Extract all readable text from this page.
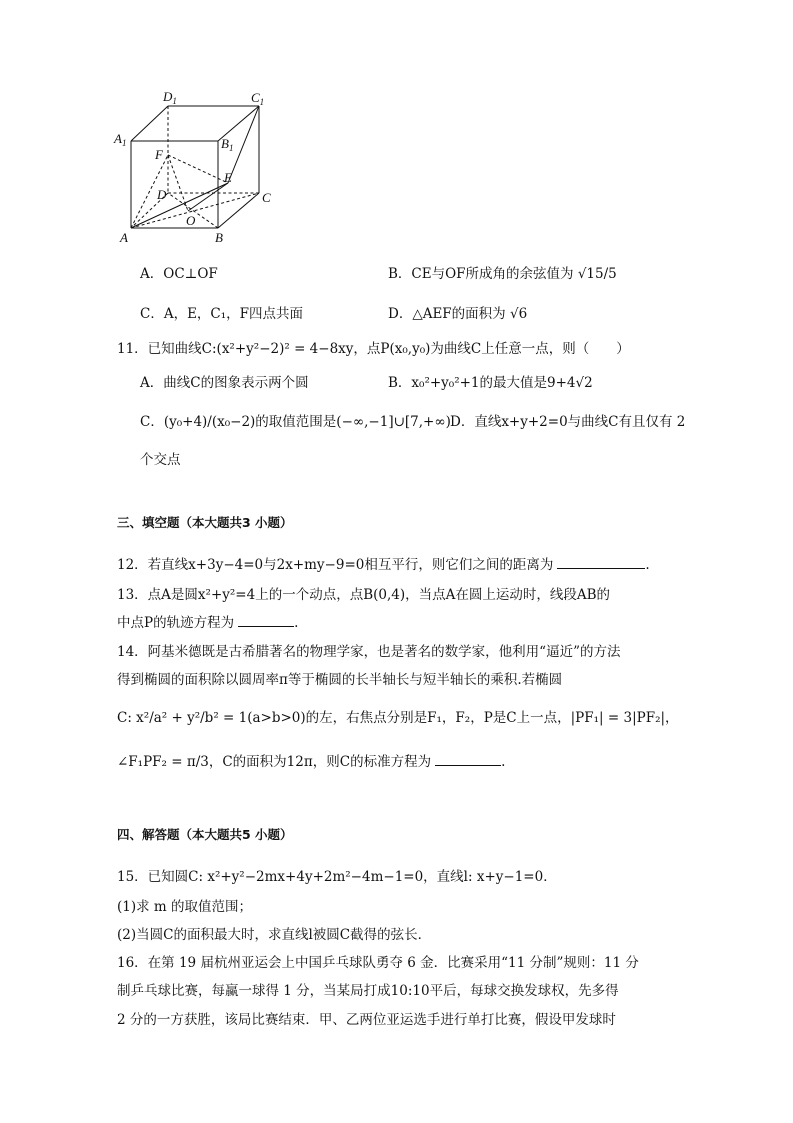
$D_1$	$C_1$
$A_1$	$B_1$
F
E
D	C
O
A	B
A．OC⊥OF	B．CE与OF所成角的余弦值为 √15/5
C．A，E，C₁，F四点共面	D．△AEF的面积为 √6
11．已知曲线C:(x²+y²−2)² = 4−8xy，点P(x₀,y₀)为曲线C上任意一点，则（　　）
A．曲线C的图象表示两个圆	B．x₀²+y₀²+1的最大值是9+4√2
C．(y₀+4)/(x₀−2)的取值范围是(−∞,−1]∪[7,+∞) D．直线x+y+2=0与曲线C有且仅有 2
个交点
三、填空题（本大题共3 小题）
12．若直线x+3y−4=0与2x+my−9=0相互平行，则它们之间的距离为	.
13．点A是圆x²+y²=4上的一个动点，点B(0,4)，当点A在圆上运动时，线段AB的
中点P的轨迹方程为	.
14．阿基米德既是古希腊著名的物理学家，也是著名的数学家，他利用“逼近”的方法
得到椭圆的面积除以圆周率π等于椭圆的长半轴长与短半轴长的乘积.若椭圆
C: x²/a² + y²/b² = 1(a>b>0)的左，右焦点分别是F₁，F₂，P是C上一点，|PF₁| = 3|PF₂|，
∠F₁PF₂ = π/3，C的面积为12π，则C的标准方程为	.
四、解答题（本大题共5 小题）
15．已知圆C: x²+y²−2mx+4y+2m²−4m−1=0，直线l: x+y−1=0．
(1)求 m 的取值范围；
(2)当圆C的面积最大时，求直线l被圆C截得的弦长．
16．在第 19 届杭州亚运会上中国乒乓球队勇夺 6 金．比赛采用“11 分制”规则：11 分
制乒乓球比赛，每赢一球得 1 分，当某局打成10:10平后，每球交换发球权，先多得
2 分的一方获胜，该局比赛结束．甲、乙两位亚运选手进行单打比赛，假设甲发球时
